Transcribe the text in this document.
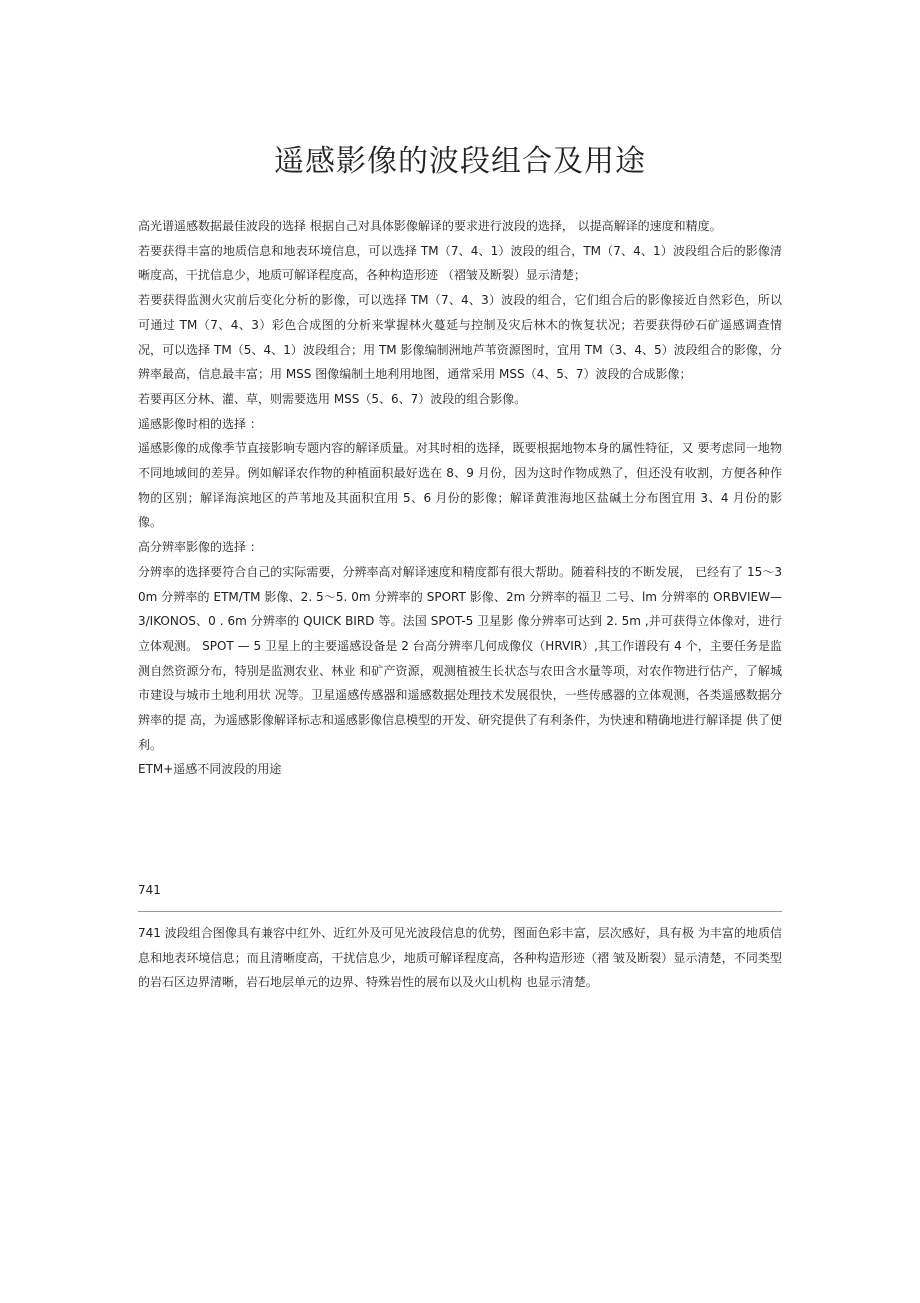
遥感影像的波段组合及用途

高光谱遥感数据最佳波段的选择 根据自己对具体影像解译的要求进行波段的选择， 以提高解译的速度和精度。

若要获得丰富的地质信息和地表环境信息，可以选择 TM（7、4、1）波段的组合，TM（7、4、1）波段组合后的影像清晰度高，干扰信息少，地质可解译程度高，各种构造形迹 （褶皱及断裂）显示清楚；

若要获得监测火灾前后变化分析的影像，可以选择 TM（7、4、3）波段的组合，它们组合后的影像接近自然彩色，所以可通过 TM（7、4、3）彩色合成图的分析来掌握林火蔓延与控制及灾后林木的恢复状况；若要获得砂石矿遥感调查情况，可以选择 TM（5、4、1）波段组合；用 TM 影像编制洲地芦苇资源图时，宜用 TM（3、4、5）波段组合的影像，分辨率最高，信息最丰富；用 MSS 图像编制土地利用地图，通常采用 MSS（4、5、7）波段的合成影像；

若要再区分林、灌、草，则需要选用 MSS（5、6、7）波段的组合影像。

遥感影像时相的选择 ：

遥感影像的成像季节直接影响专题内容的解译质量。对其时相的选择，既要根据地物本身的属性特征，又 要考虑同一地物不同地域间的差异。例如解译农作物的种植面积最好选在 8、9 月份，因为这时作物成熟了，但还没有收割，方便各种作物的区别；解译海滨地区的芦苇地及其面积宜用 5、6 月份的影像；解译黄淮海地区盐碱土分布图宜用 3、4 月份的影像。

高分辨率影像的选择 ：

分辨率的选择要符合自己的实际需要，分辨率高对解译速度和精度都有很大帮助。随着科技的不断发展， 已经有了 15～30m 分辨率的 ETM/TM 影像、2. 5～5. 0m 分辨率的 SPORT 影像、2m 分辨率的福卫 二号、lm 分辨率的 ORBVIEW—3/IKONOS、0 . 6m 分辨率的 QUICK BIRD 等。法国 SPOT-5 卫星影 像分辨率可达到 2. 5m ,并可获得立体像对，进行立体观测。 SPOT — 5 卫星上的主要遥感设备是 2 台高分辨率几何成像仪（HRVIR）,其工作谱段有 4 个，主要任务是监测自然资源分布，特别是监测农业、林业 和矿产资源，观测植被生长状态与农田含水量等项，对农作物进行估产，了解城市建设与城市土地利用状 况等。卫星遥感传感器和遥感数据处理技术发展很快，一些传感器的立体观测，各类遥感数据分辨率的提 高，为遥感影像解译标志和遥感影像信息模型的开发、研究提供了有利条件，为快速和精确地进行解译提 供了便利。

ETM+遥感不同波段的用途

741

741 波段组合图像具有兼容中红外、近红外及可见光波段信息的优势，图面色彩丰富，层次感好，具有极 为丰富的地质信息和地表环境信息；而且清晰度高，干扰信息少，地质可解译程度高，各种构造形迹（褶 皱及断裂）显示清楚，不同类型的岩石区边界清晰，岩石地层单元的边界、特殊岩性的展布以及火山机构 也显示清楚。
